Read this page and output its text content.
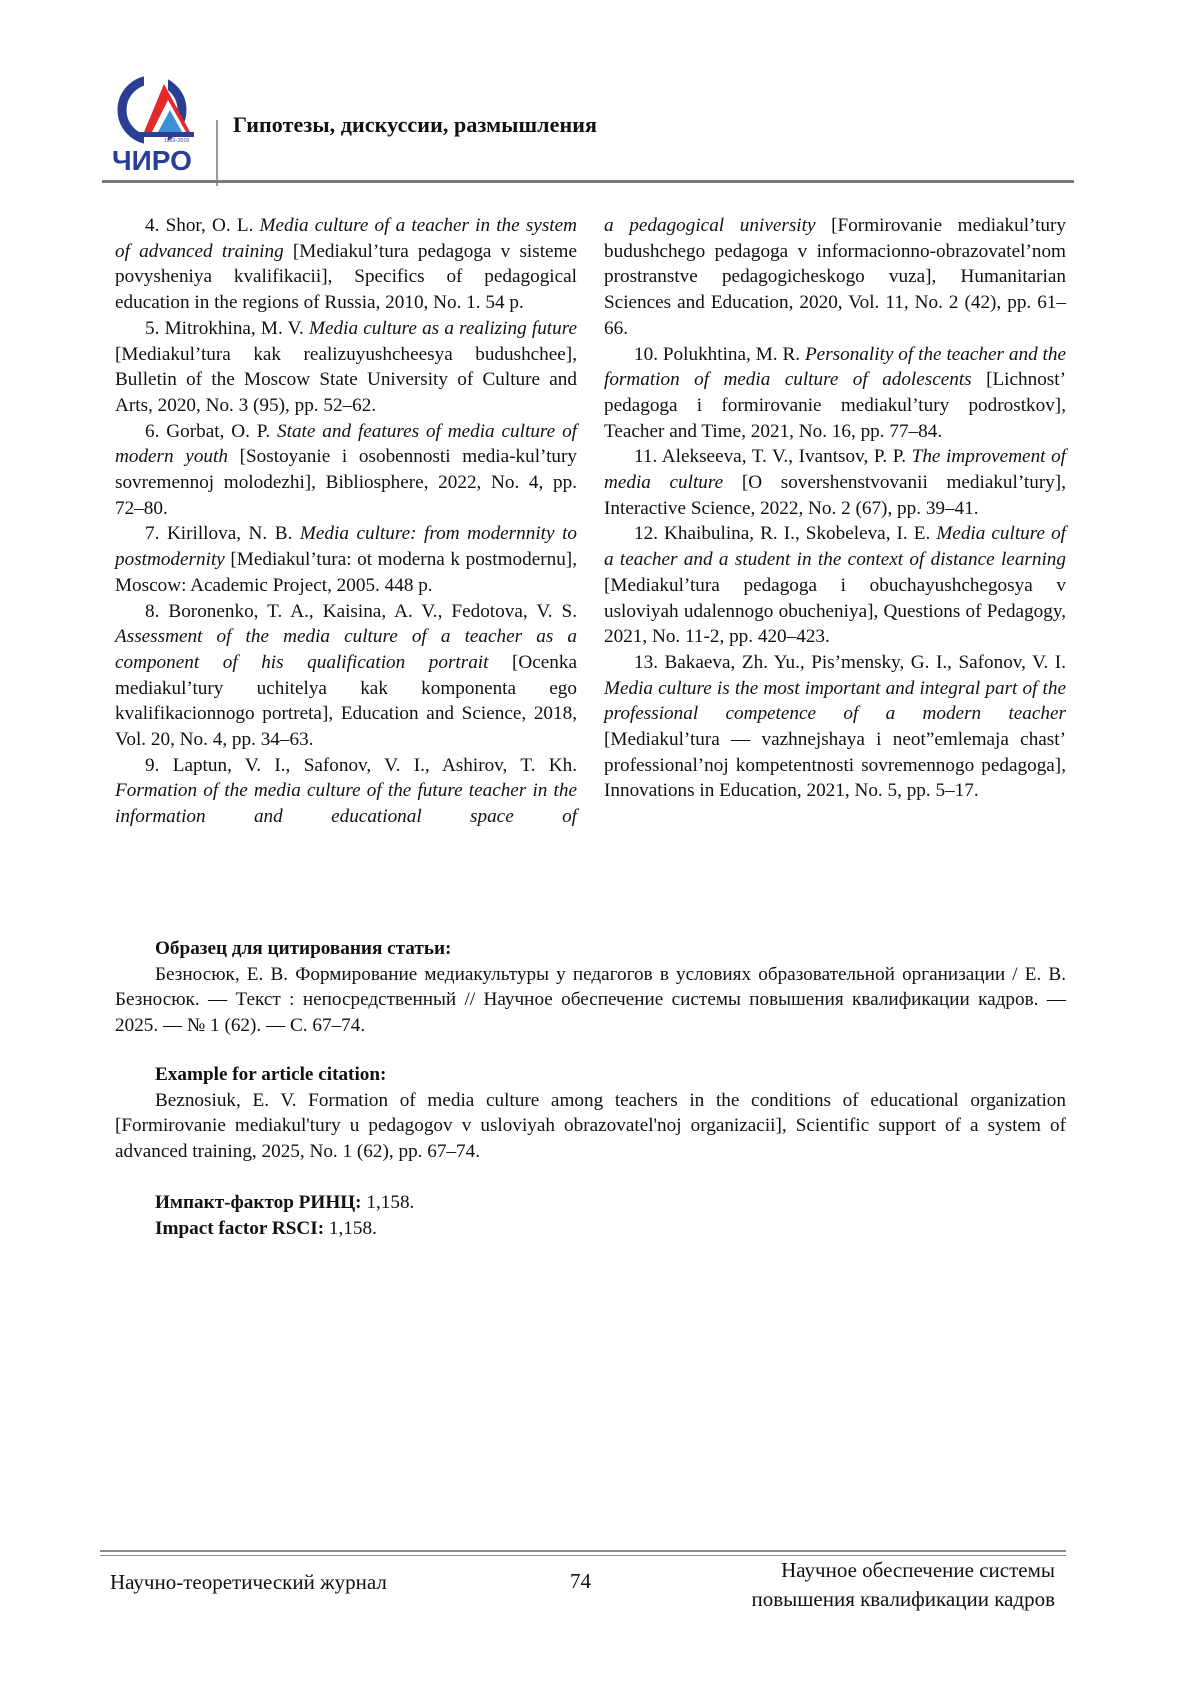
1969–2019
ЧИРО
Гипотезы, дискуссии, размышления

4. Shor, O. L. Media culture of a teacher in the system of advanced training [Mediakul’tura pedagoga v sisteme povysheniya kvalifikacii], Specifics of pedagogical education in the regions of Russia, 2010, No. 1. 54 p.

5. Mitrokhina, M. V. Media culture as a realizing future [Mediakul’tura kak realizuyushcheesya budushchee], Bulletin of the Moscow State University of Culture and Arts, 2020, No. 3 (95), pp. 52–62.

6. Gorbat, O. P. State and features of media culture of modern youth [Sostoyanie i osobennosti media-kul’tury sovremennoj molodezhi], Bibliosphere, 2022, No. 4, pp. 72–80.

7. Kirillova, N. B. Media culture: from modernnity to postmodernity [Mediakul’tura: ot moderna k postmodernu], Moscow: Academic Project, 2005. 448 p.

8. Boronenko, T. A., Kaisina, A. V., Fedotova, V. S. Assessment of the media culture of a teacher as a component of his qualification portrait [Ocenka mediakul’tury uchitelya kak komponenta ego kvalifikacionnogo portreta], Education and Science, 2018, Vol. 20, No. 4, pp. 34–63.

9. Laptun, V. I., Safonov, V. I., Ashirov, T. Kh. Formation of the media culture of the future teacher in the information and educational space of

a pedagogical university [Formirovanie mediakul’tury budushchego pedagoga v informacionno-obrazovatel’nom prostranstve pedagogicheskogo vuza], Humanitarian Sciences and Education, 2020, Vol. 11, No. 2 (42), pp. 61–66.

10. Polukhtina, M. R. Personality of the teacher and the formation of media culture of adolescents [Lichnost’ pedagoga i formirovanie mediakul’tury podrostkov], Teacher and Time, 2021, No. 16, pp. 77–84.

11. Alekseeva, T. V., Ivantsov, P. P. The improvement of media culture [O sovershenstvovanii mediakul’tury], Interactive Science, 2022, No. 2 (67), pp. 39–41.

12. Khaibulina, R. I., Skobeleva, I. E. Media culture of a teacher and a student in the context of distance learning [Mediakul’tura pedagoga i obuchayushchegosya v usloviyah udalennogo obucheniya], Questions of Pedagogy, 2021, No. 11-2, pp. 420–423.

13. Bakaeva, Zh. Yu., Pis’mensky, G. I., Safonov, V. I. Media culture is the most important and integral part of the professional competence of a modern teacher [Mediakul’tura — vazhnejshaya i neot”emlemaja chast’ professional’noj kompetentnosti sovremennogo pedagoga], Innovations in Education, 2021, No. 5, pp. 5–17.

Образец для цитирования статьи:

Безносюк, Е. В. Формирование медиакультуры у педагогов в условиях образовательной организации / Е. В. Безносюк. — Текст : непосредственный // Научное обеспечение системы повышения квалификации кадров. — 2025. — № 1 (62). — С. 67–74.

Example for article citation:

Beznosiuk, E. V. Formation of media culture among teachers in the conditions of educational organization [Formirovanie mediakul'tury u pedagogov v usloviyah obrazovatel'noj organizacii], Scientific support of a system of advanced training, 2025, No. 1 (62), pp. 67–74.

Импакт-фактор РИНЦ: 1,158.
Impact factor RSCI: 1,158.
Научно-теоретический журнал	74	Научное обеспечение системы
повышения квалификации кадров
